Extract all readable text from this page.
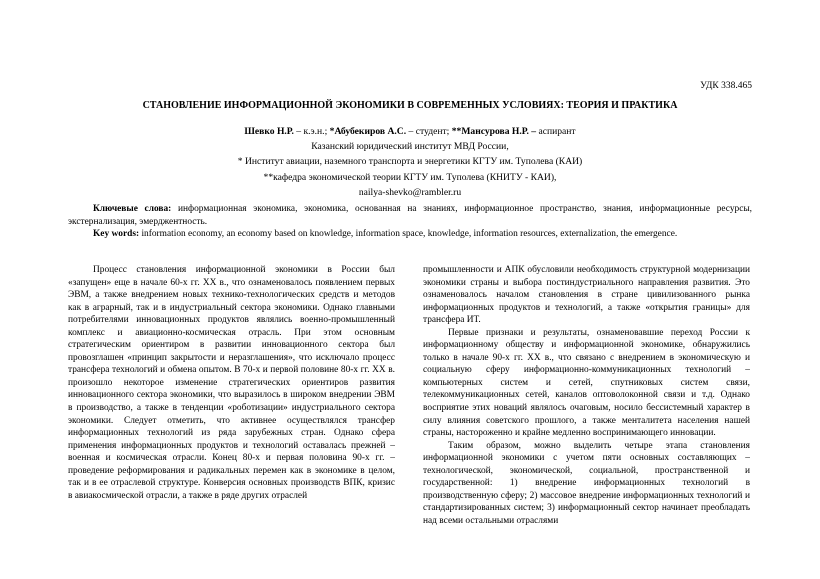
УДК 338.465
СТАНОВЛЕНИЕ ИНФОРМАЦИОННОЙ ЭКОНОМИКИ В СОВРЕМЕННЫХ УСЛОВИЯХ: ТЕОРИЯ И ПРАКТИКА
Шевко Н.Р. – к.э.н.; *Абубекиров А.С. – студент; **Мансурова Н.Р. – аспирант
Казанский юридический институт МВД России,
* Институт авиации, наземного транспорта и энергетики КГТУ им. Туполева (КАИ)
**кафедра экономической теории КГТУ им. Туполева (КНИТУ - КАИ),
nailya-shevko@rambler.ru

Ключевые слова: информационная экономика, экономика, основанная на знаниях, информационное пространство, знания, информационные ресурсы, экстернализация, эмерджентность.

Key words: information economy, an economy based on knowledge, information space, knowledge, information resources, externalization, the emergence.

Процесс становления информационной экономики в России был «запущен» еще в начале 60-х гг. XX в., что ознаменовалось появлением первых ЭВМ, а также внедрением новых технико-технологических средств и методов как в аграрный, так и в индустриальный сектора экономики. Однако главными потребителями инновационных продуктов являлись военно-промышленный комплекс и авиационно-космическая отрасль. При этом основным стратегическим ориентиром в развитии инновационного сектора был провозглашен «принцип закрытости и неразглашения», что исключало процесс трансфера технологий и обмена опытом. В 70-х и первой половине 80-х гг. XX в. произошло некоторое изменение стратегических ориентиров развития инновационного сектора экономики, что выразилось в широком внедрении ЭВМ в производство, а также в тенденции «роботизации» индустриального сектора экономики. Следует отметить, что активнее осуществлялся трансфер информационных технологий из ряда зарубежных стран. Однако сфера применения информационных продуктов и технологий оставалась прежней – военная и космическая отрасли. Конец 80-х и первая половина 90-х гг. – проведение реформирования и радикальных перемен как в экономике в целом, так и в ее отраслевой структуре. Конверсия основных производств ВПК, кризис в авиакосмической отрасли, а также в ряде других отраслей

промышленности и АПК обусловили необходимость структурной модернизации экономики страны и выбора постиндустриального направления развития. Это ознаменовалось началом становления в стране цивилизованного рынка информационных продуктов и технологий, а также «открытия границы» для трансфера ИТ.

Первые признаки и результаты, ознаменовавшие переход России к информационному обществу и информационной экономике, обнаружились только в начале 90-х гг. XX в., что связано с внедрением в экономическую и социальную сферу информационно-коммуникационных технологий – компьютерных систем и сетей, спутниковых систем связи, телекоммуникационных сетей, каналов оптоволоконной связи и т.д. Однако восприятие этих новаций являлось очаговым, носило бессистемный характер в силу влияния советского прошлого, а также менталитета населения нашей страны, настороженно и крайне медленно воспринимающего инновации.

Таким образом, можно выделить четыре этапа становления информационной экономики с учетом пяти основных составляющих – технологической, экономической, социальной, пространственной и государственной: 1) внедрение информационных технологий в производственную сферу; 2) массовое внедрение информационных технологий и стандартизированных систем; 3) информационный сектор начинает преобладать над всеми остальными отраслями
